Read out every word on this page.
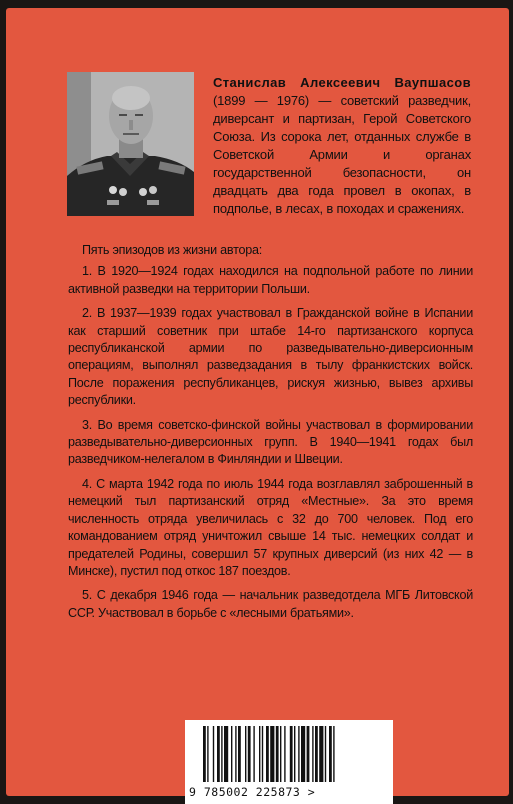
Станислав Алексеевич Ваупшасов (1899 — 1976) — советский разведчик, диверсант и партизан, Герой Советского Союза. Из сорока лет, отданных службе в Советской Армии и органах государственной безопасности, он двадцать два года провел в окопах, в подполье, в лесах, в походах и сражениях.

Пять эпизодов из жизни автора:

1. В 1920—1924 годах находился на подпольной работе по линии активной разведки на территории Польши.

2. В 1937—1939 годах участвовал в Гражданской войне в Испании как старший советник при штабе 14-го партизанского корпуса республиканской армии по разведывательно-диверсионным операциям, выполнял разведзадания в тылу франкистских войск. После поражения республиканцев, рискуя жизнью, вывез архивы республики.

3. Во время советско-финской войны участвовал в формировании разведывательно-диверсионных групп. В 1940—1941 годах был разведчиком-нелегалом в Финляндии и Швеции.

4. С марта 1942 года по июль 1944 года возглавлял заброшенный в немецкий тыл партизанский отряд «Местные». За это время численность отряда увеличилась с 32 до 700 человек. Под его командованием отряд уничтожил свыше 14 тыс. немецких солдат и предателей Родины, совершил 57 крупных диверсий (из них 42 — в Минске), пустил под откос 187 поездов.

5. С декабря 1946 года — начальник разведотдела МГБ Литовской ССР. Участвовал в борьбе с «лесными братьями».

9 785002 225873 >
